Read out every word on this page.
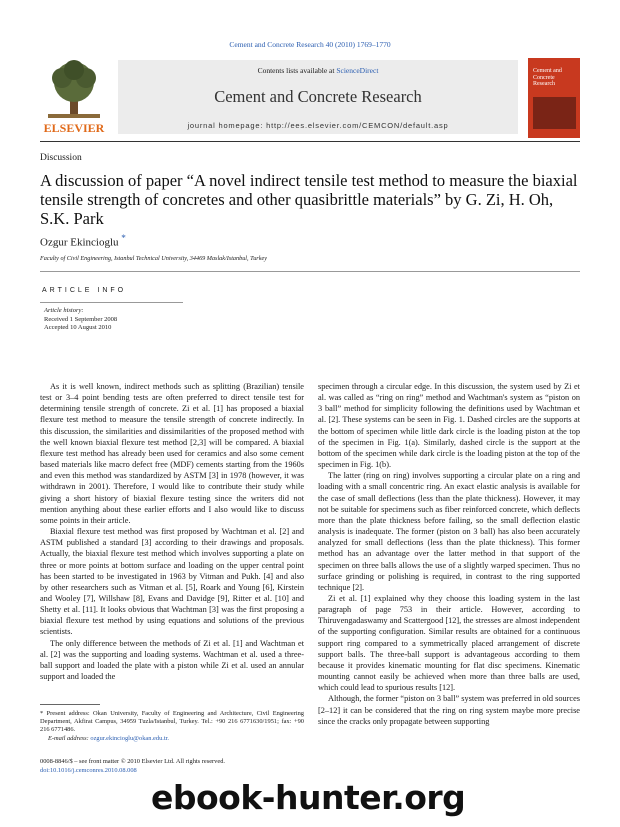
Cement and Concrete Research 40 (2010) 1769–1770
ELSEVIER
Contents lists available at ScienceDirect
Cement and Concrete Research
journal homepage: http://ees.elsevier.com/CEMCON/default.asp
Cement and Concrete Research
Discussion
A discussion of paper “A novel indirect tensile test method to measure the biaxial tensile strength of concretes and other quasibrittle materials” by G. Zi, H. Oh, S.K. Park
Ozgur Ekincioglu *
Faculty of Civil Engineering, Istanbul Technical University, 34469 Maslak/Istanbul, Turkey
ARTICLE INFO
Article history:
Received 1 September 2008
Accepted 10 August 2010

As it is well known, indirect methods such as splitting (Brazilian) tensile test or 3–4 point bending tests are often preferred to direct tensile test for determining tensile strength of concrete. Zi et al. [1] has proposed a biaxial flexure test method to measure the tensile strength of concrete indirectly. In this discussion, the similarities and dissimilarities of the proposed method with the well known biaxial flexure test method [2,3] will be compared. A biaxial flexure test method has already been used for ceramics and also some cement based materials like macro defect free (MDF) cements starting from the 1960s and even this method was standardized by ASTM [3] in 1978 (however, it was withdrawn in 2001). Therefore, I would like to contribute their study while giving a short history of biaxial flexure testing since the writers did not mention anything about these earlier efforts and I also would like to discuss some points in their article.

Biaxial flexure test method was first proposed by Wachtman et al. [2] and ASTM published a standard [3] according to their drawings and proposals. Actually, the biaxial flexure test method which involves supporting a plate on three or more points at bottom surface and loading on the upper central point has been started to be investigated in 1963 by Vitman and Pukh. [4] and also by other researchers such as Vitman et al. [5], Roark and Young [6], Kirstein and Wooley [7], Willshaw [8], Evans and Davidge [9], Ritter et al. [10] and Shetty et al. [11]. It looks obvious that Wachtman [3] was the first proposing a biaxial flexure test method by using equations and solutions of the previous scientists.

The only difference between the methods of Zi et al. [1] and Wachtman et al. [2] was the supporting and loading systems. Wachtman et al. used a three-ball support and loaded the plate with a piston while Zi et al. used an annular support and loaded the

specimen through a circular edge. In this discussion, the system used by Zi et al. was called as “ring on ring” method and Wachtman's system as “piston on 3 ball” method for simplicity following the definitions used by Wachtman et al. [2]. These systems can be seen in Fig. 1. Dashed circles are the supports at the bottom of specimen while little dark circle is the loading piston at the top of the specimen in Fig. 1(a). Similarly, dashed circle is the support at the bottom of the specimen while dark circle is the loading piston at the top of the specimen in Fig. 1(b).

The latter (ring on ring) involves supporting a circular plate on a ring and loading with a small concentric ring. An exact elastic analysis is available for the case of small deflections (less than the plate thickness). However, it may not be suitable for specimens such as fiber reinforced concrete, which deflects more than the plate thickness before failing, so the small deflection elastic analysis is inadequate. The former (piston on 3 ball) has also been accurately analyzed for small deflections (less than the plate thickness). This former method has an advantage over the latter method in that support of the specimen on three balls allows the use of a slightly warped specimen. Thus no surface grinding or polishing is required, in contrast to the ring supported technique [2].

Zi et al. [1] explained why they choose this loading system in the last paragraph of page 753 in their article. However, according to Thiruvengadaswamy and Scattergood [12], the stresses are almost independent of the supporting configuration. Similar results are obtained for a continuous support ring compared to a symmetrically placed arrangement of discrete support balls. The three-ball support is advantageous according to them because it provides kinematic mounting for flat disc specimens. Kinematic mounting cannot easily be achieved when more than three balls are used, which could lead to spurious results [12].

Although, the former “piston on 3 ball” system was preferred in old sources [2–12] it can be considered that the ring on ring system maybe more precise since the cracks only propagate between supporting

* Present address: Okan University, Faculty of Engineering and Architecture, Civil Engineering Department, Akfirat Campus, 34959 Tuzla/Istanbul, Turkey. Tel.: +90 216 6771630/1951; fax: +90 216 6771486.
E-mail address: ozgur.ekincioglu@okan.edu.tr.
0008-8846/$ – see front matter © 2010 Elsevier Ltd. All rights reserved.
doi:10.1016/j.cemconres.2010.08.008
ebook-hunter.org
